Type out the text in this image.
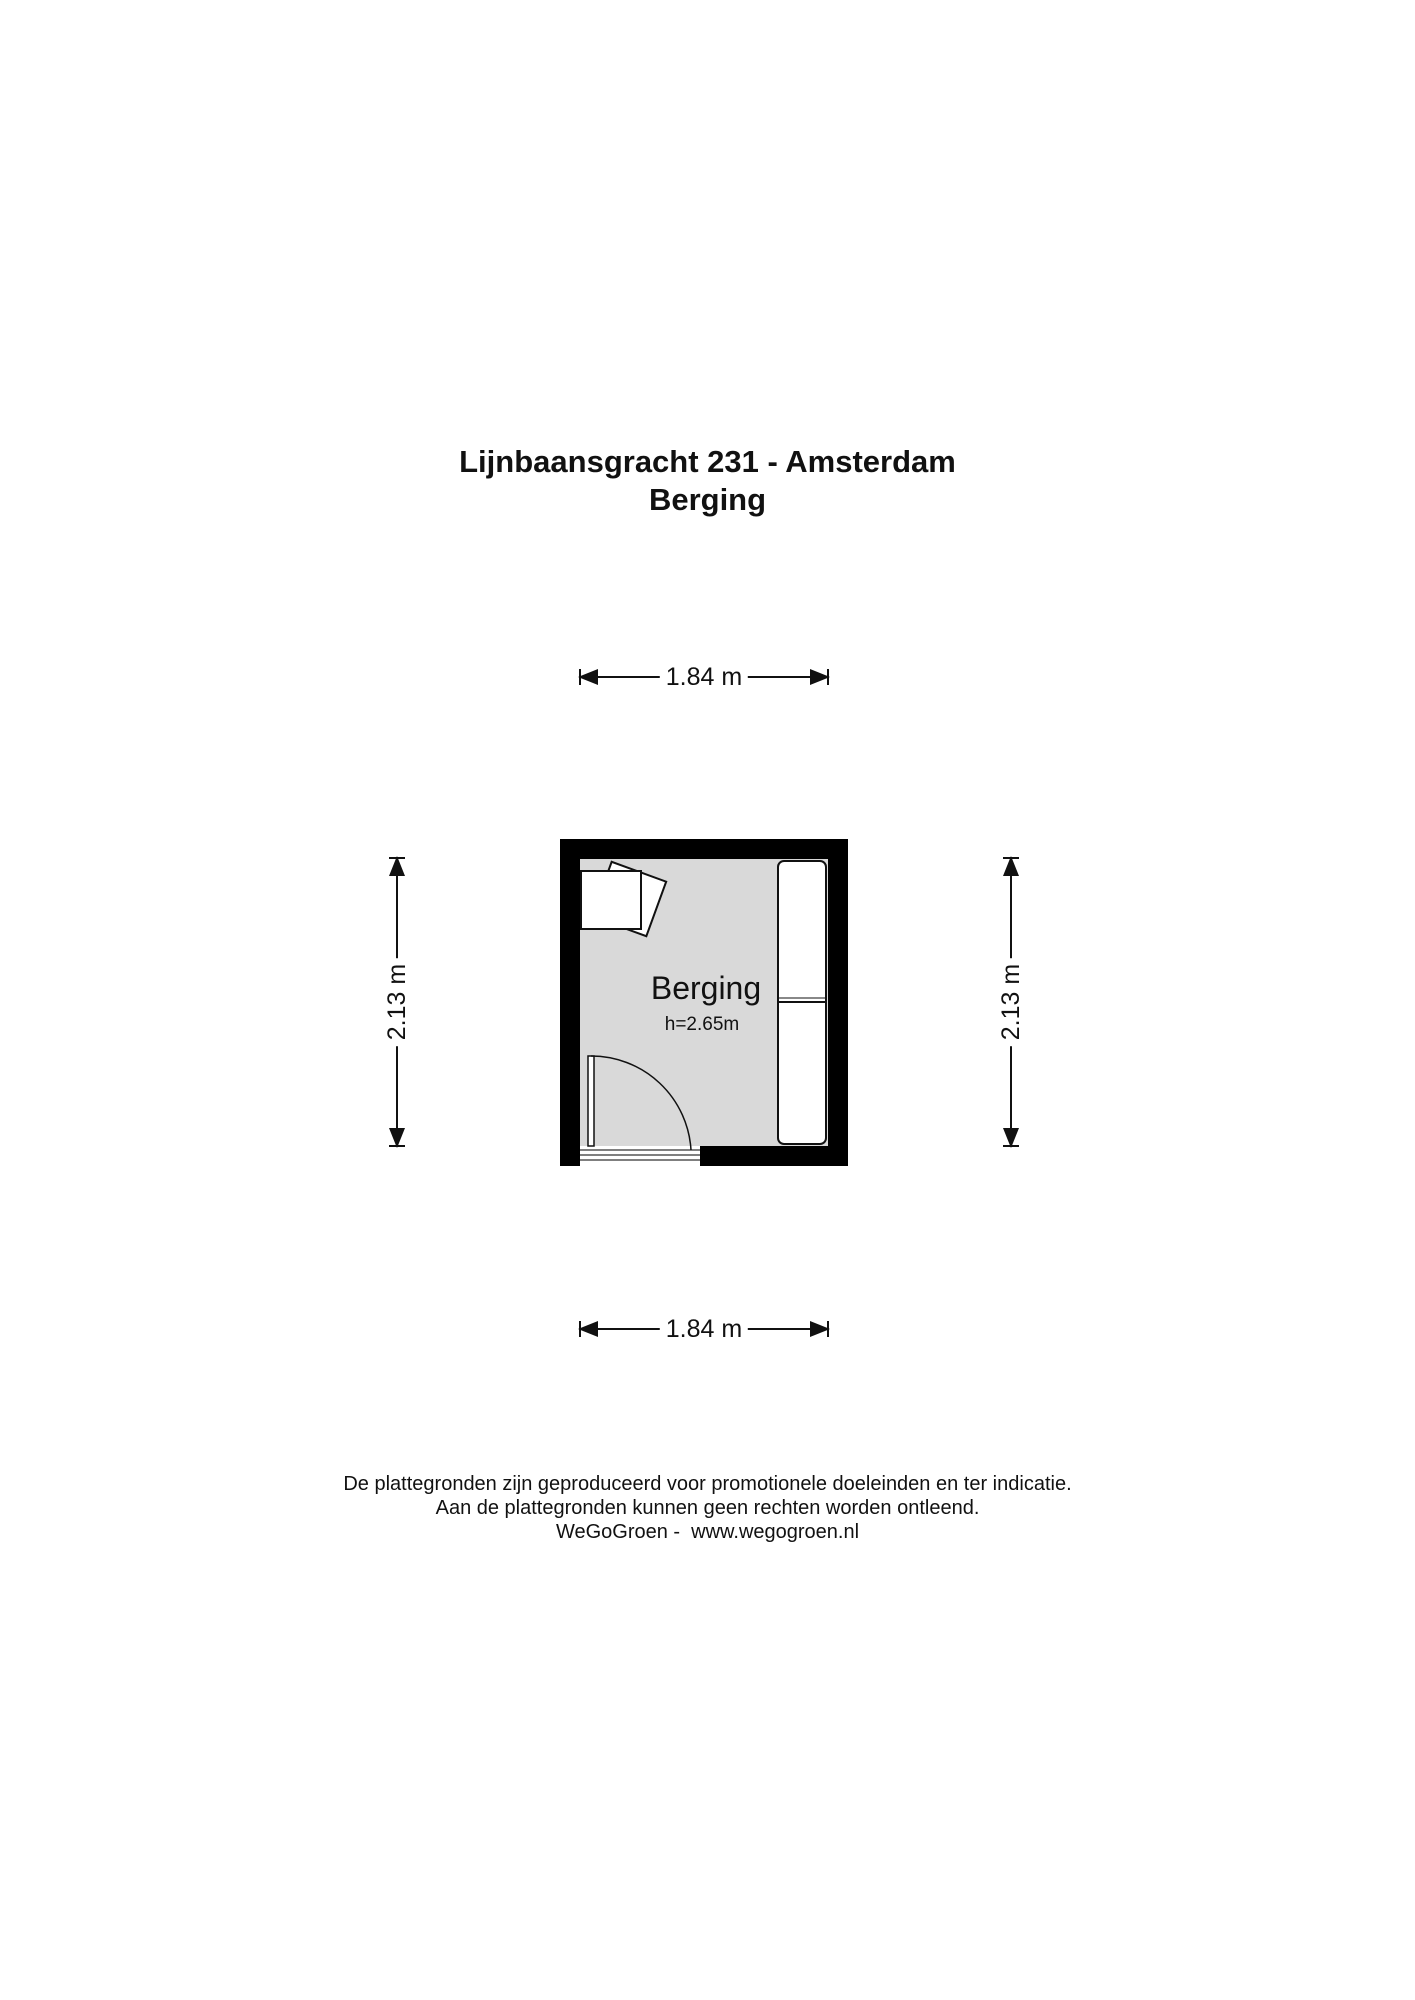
Lijnbaansgracht 231 - Amsterdam
Berging
Berging
h=2.65m
1.84 m
1.84 m
2.13 m	2.13 m
De plattegronden zijn geproduceerd voor promotionele doeleinden en ter indicatie.
Aan de plattegronden kunnen geen rechten worden ontleend.
WeGoGroen -  www.wegogroen.nl
